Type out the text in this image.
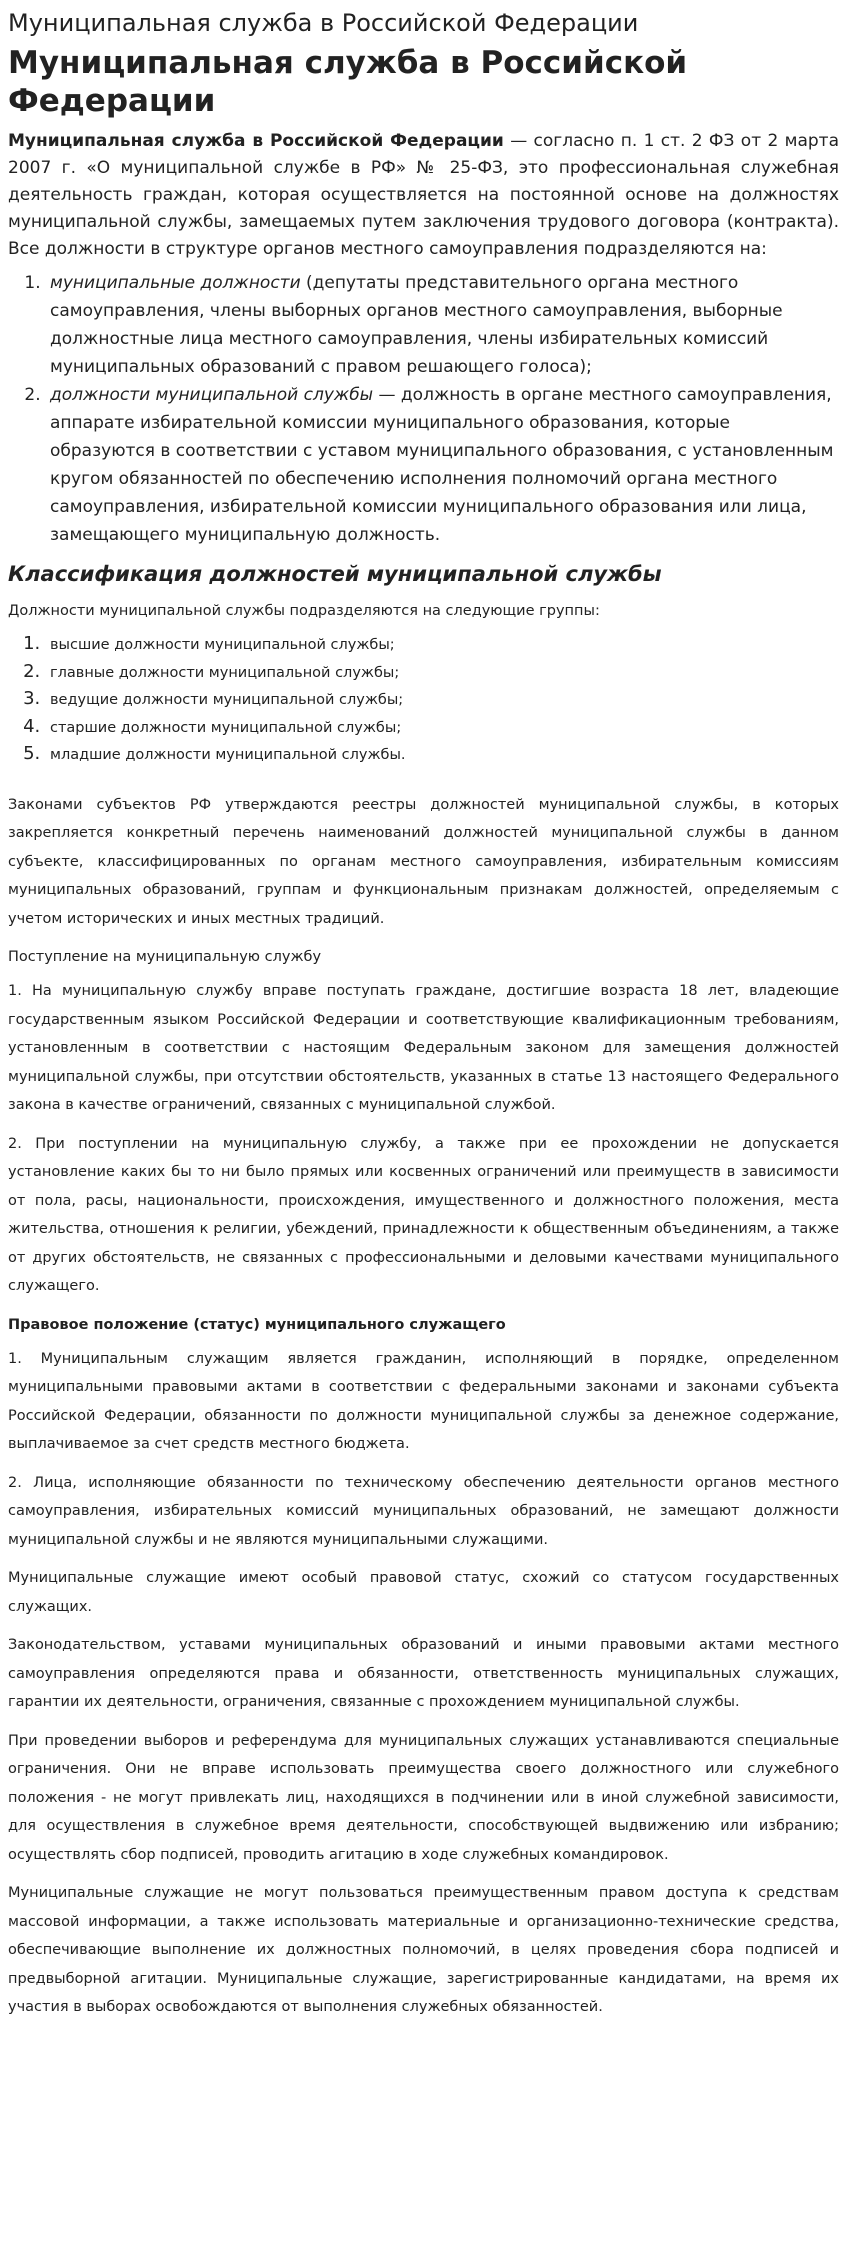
Муниципальная служба в Российской Федерации
Муниципальная служба в Российской Федерации

Муниципальная служба в Российской Федерации — согласно п. 1 ст. 2 ФЗ от 2 марта 2007 г. «О муниципальной службе в РФ» № 25-ФЗ, это профессиональная служебная деятельность граждан, которая осуществляется на постоянной основе на должностях муниципальной службы, замещаемых путем заключения трудового договора (контракта). Все должности в структуре органов местного самоуправления подразделяются на:

1. муниципальные должности (депутаты представительного органа местного самоуправления, члены выборных органов местного самоуправления, выборные должностные лица местного самоуправления, члены избирательных комиссий муниципальных образований с правом решающего голоса);
2. должности муниципальной службы — должность в органе местного самоуправления, аппарате избирательной комиссии муниципального образования, которые образуются в соответствии с уставом муниципального образования, с установленным кругом обязанностей по обеспечению исполнения полномочий органа местного самоуправления, избирательной комиссии муниципального образования или лица, замещающего муниципальную должность.
Классификация должностей муниципальной службы

Должности муниципальной службы подразделяются на следующие группы:

1. высшие должности муниципальной службы;
2. главные должности муниципальной службы;
3. ведущие должности муниципальной службы;
4. старшие должности муниципальной службы;
5. младшие должности муниципальной службы.

Законами субъектов РФ утверждаются реестры должностей муниципальной службы, в которых закрепляется конкретный перечень наименований должностей муниципальной службы в данном субъекте, классифицированных по органам местного самоуправления, избирательным комиссиям муниципальных образований, группам и функциональным признакам должностей, определяемым с учетом исторических и иных местных традиций.

Поступление на муниципальную службу

1. На муниципальную службу вправе поступать граждане, достигшие возраста 18 лет, владеющие государственным языком Российской Федерации и соответствующие квалификационным требованиям, установленным в соответствии с настоящим Федеральным законом для замещения должностей муниципальной службы, при отсутствии обстоятельств, указанных в статье 13 настоящего Федерального закона в качестве ограничений, связанных с муниципальной службой.

2. При поступлении на муниципальную службу, а также при ее прохождении не допускается установление каких бы то ни было прямых или косвенных ограничений или преимуществ в зависимости от пола, расы, национальности, происхождения, имущественного и должностного положения, места жительства, отношения к религии, убеждений, принадлежности к общественным объединениям, а также от других обстоятельств, не связанных с профессиональными и деловыми качествами муниципального служащего.

Правовое положение (статус) муниципального служащего

1. Муниципальным служащим является гражданин, исполняющий в порядке, определенном муниципальными правовыми актами в соответствии с федеральными законами и законами субъекта Российской Федерации, обязанности по должности муниципальной службы за денежное содержание, выплачиваемое за счет средств местного бюджета.

2. Лица, исполняющие обязанности по техническому обеспечению деятельности органов местного самоуправления, избирательных комиссий муниципальных образований, не замещают должности муниципальной службы и не являются муниципальными служащими.

Муниципальные служащие имеют особый правовой статус, схожий со статусом государственных служащих.

Законодательством, уставами муниципальных образований и иными правовыми актами местного самоуправления определяются права и обязанности, ответственность муниципальных служащих, гарантии их деятельности, ограничения, связанные с прохождением муниципальной службы.

При проведении выборов и референдума для муниципальных служащих устанавливаются специальные ограничения. Они не вправе использовать преимущества своего должностного или служебного положения - не могут привлекать лиц, находящихся в подчинении или в иной служебной зависимости, для осуществления в служебное время деятельности, способствующей выдвижению или избранию; осуществлять сбор подписей, проводить агитацию в ходе служебных командировок.

Муниципальные служащие не могут пользоваться преимущественным правом доступа к средствам массовой информации, а также использовать материальные и организационно-технические средства, обеспечивающие выполнение их должностных полномочий, в целях проведения сбора подписей и предвыборной агитации. Муниципальные служащие, зарегистрированные кандидатами, на время их участия в выборах освобождаются от выполнения служебных обязанностей.
